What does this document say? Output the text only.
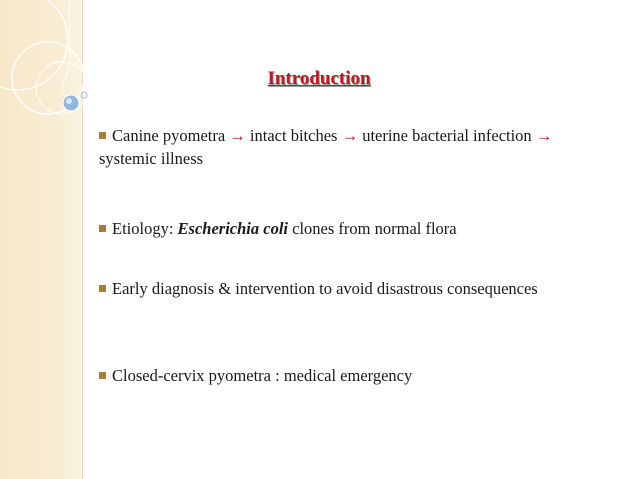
Introduction
Canine pyometra → intact bitches → uterine bacterial infection → systemic illness
Etiology: Escherichia coli clones from normal flora
Early diagnosis & intervention to avoid disastrous consequences
Closed-cervix pyometra : medical emergency
